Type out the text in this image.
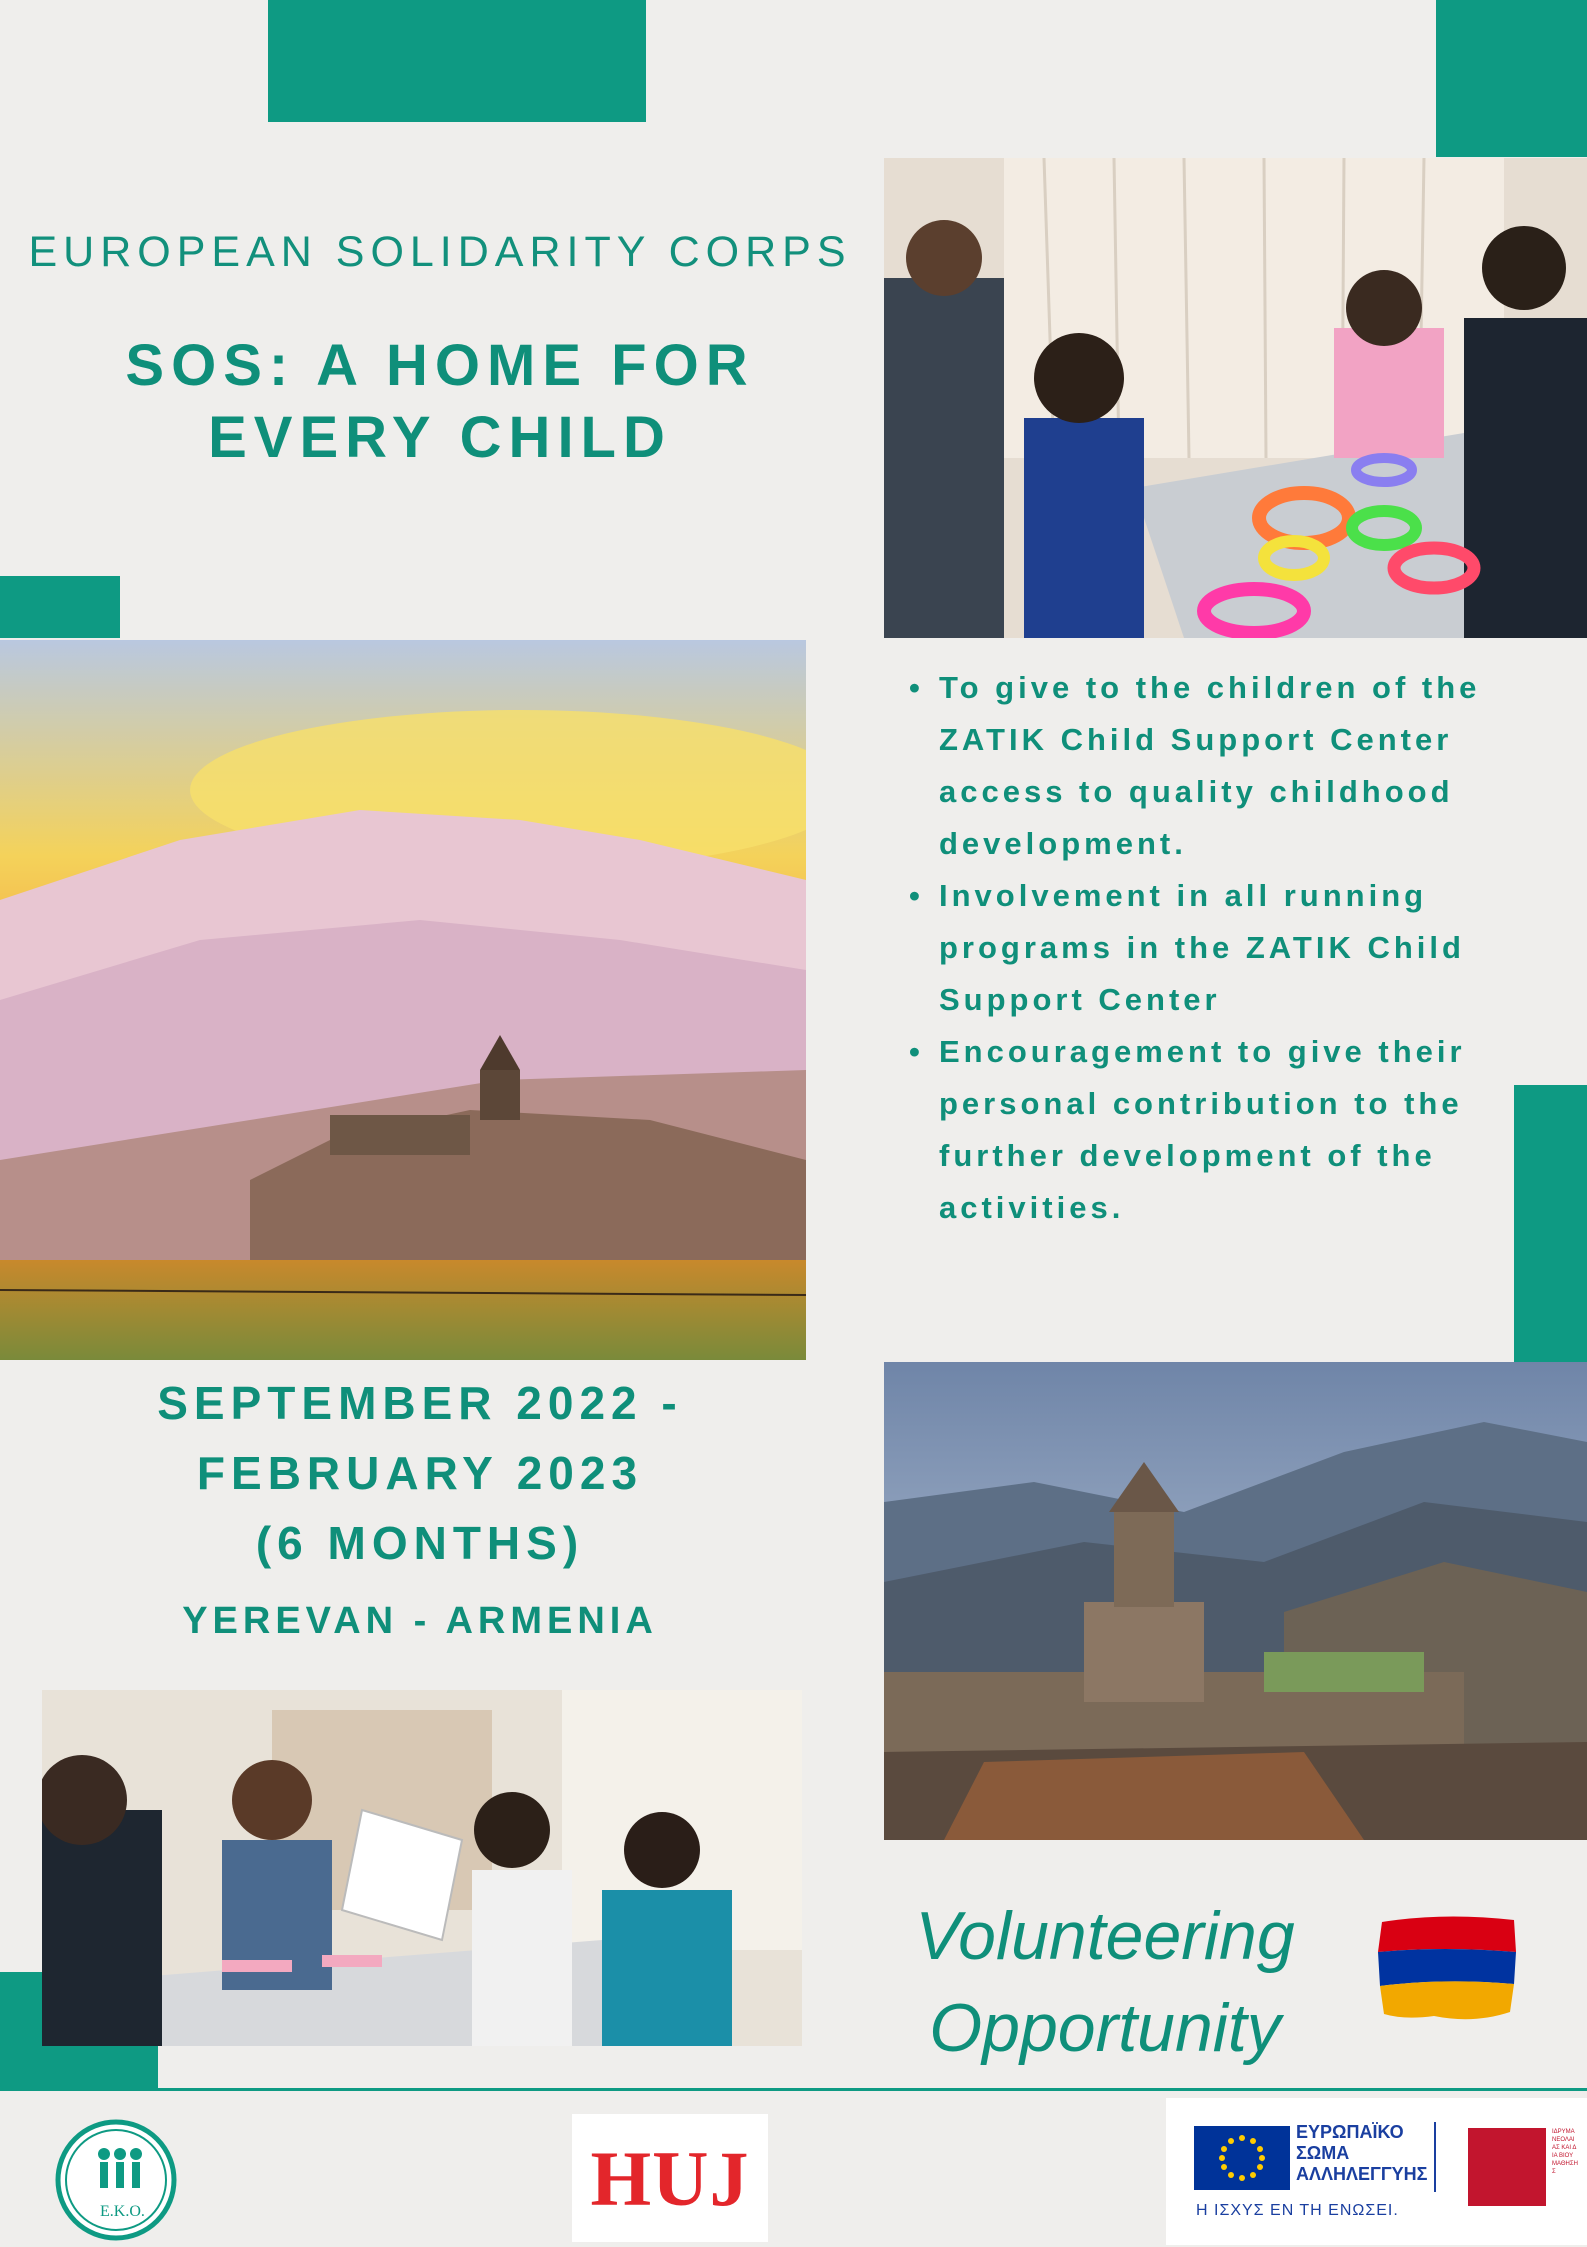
EUROPEAN SOLIDARITY CORPS
SOS: A HOME FOR
EVERY CHILD
• To give to the children of the ZATIK Child Support Center access to quality childhood development.
• Involvement in all running programs in the ZATIK Child Support Center
• Encouragement to give their personal contribution to the further development of the activities.
SEPTEMBER 2022 -
FEBRUARY 2023
(6 MONTHS)
YEREVAN - ARMENIA
Volunteering
Opportunity
E.K.O.	HUJ
ΕΥΡΩΠΑΪΚΟ
ΣΩΜΑ
ΑΛΛΗΛΕΓΓΥΗΣ
Η ΙΣΧΥΣ ΕΝ ΤΗ ΕΝΩΣΕΙ.
ΙΔΡΥΜΑ ΝΕΟΛΑΙΑΣ ΚΑΙ ΔΙΑ ΒΙΟΥ ΜΑΘΗΣΗΣ
